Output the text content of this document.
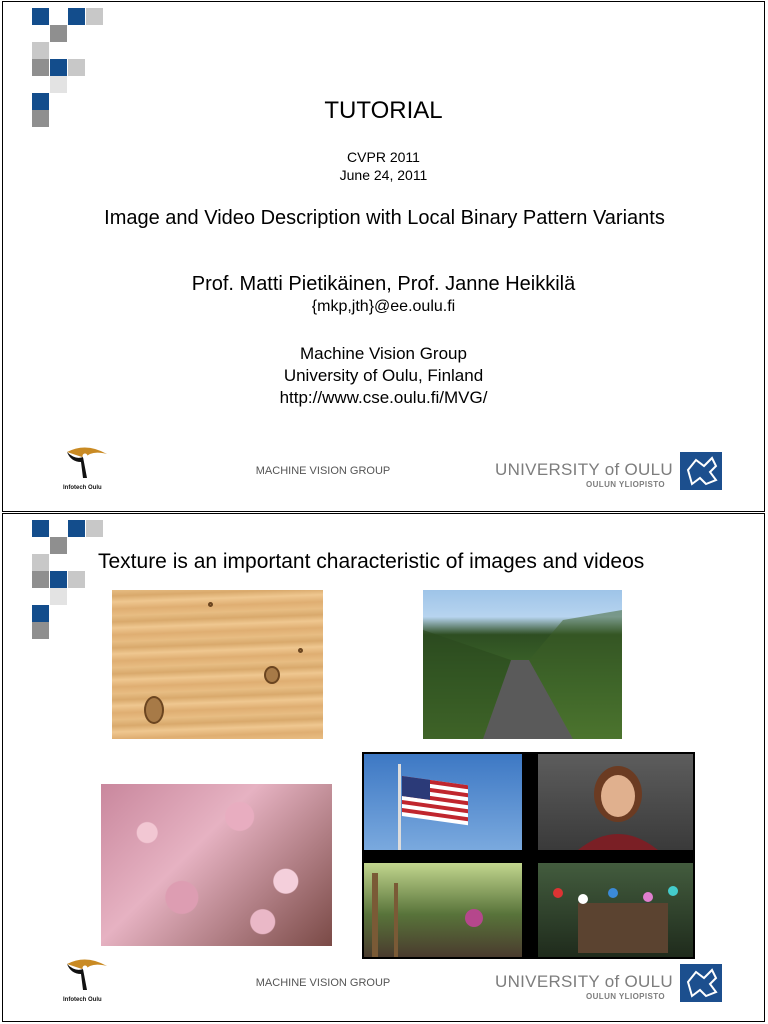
TUTORIAL
CVPR 2011
June 24, 2011
Image and Video Description with Local Binary Pattern Variants
Prof. Matti Pietikäinen, Prof. Janne Heikkilä
{mkp,jth}@ee.oulu.fi
Machine Vision Group
University of Oulu, Finland
http://www.cse.oulu.fi/MVG/
Infotech Oulu
MACHINE VISION GROUP	UNIVERSITY of OULU
OULUN YLIOPISTO
Texture is an important characteristic of images and videos
Infotech Oulu
MACHINE VISION GROUP	UNIVERSITY of OULU
OULUN YLIOPISTO
